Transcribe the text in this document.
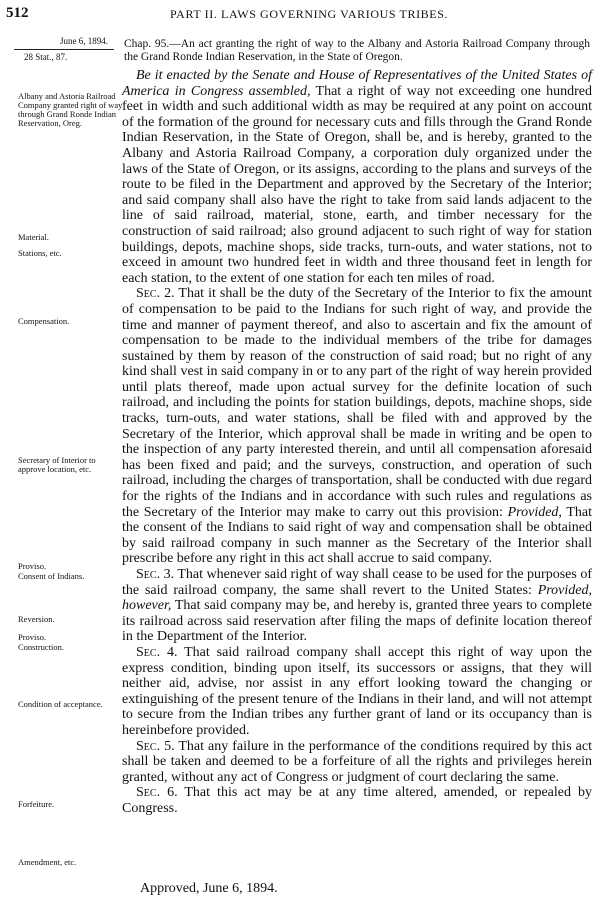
512	PART II. LAWS GOVERNING VARIOUS TRIBES.
June 6, 1894.
28 Stat., 87.
Chap. 95.—An act granting the right of way to the Albany and Astoria Railroad Company through the Grand Ronde Indian Reservation, in the State of Oregon.
Albany and Astoria Railroad Company granted right of way through Grand Ronde Indian Reservation, Oreg.
Material.
Stations, etc.
Compensation.
Secretary of Interior to approve location, etc.
Proviso.
Consent of Indians.
Reversion.
Proviso.
Construction.
Condition of acceptance.
Forfeiture.
Amendment, etc.

Be it enacted by the Senate and House of Representatives of the United States of America in Congress assembled, That a right of way not exceeding one hundred feet in width and such additional width as may be required at any point on account of the formation of the ground for necessary cuts and fills through the Grand Ronde Indian Reservation, in the State of Oregon, shall be, and is hereby, granted to the Albany and Astoria Railroad Company, a corporation duly organized under the laws of the State of Oregon, or its assigns, according to the plans and surveys of the route to be filed in the Department and approved by the Secretary of the Interior; and said company shall also have the right to take from said lands adjacent to the line of said railroad, material, stone, earth, and timber necessary for the construction of said railroad; also ground adjacent to such right of way for station buildings, depots, machine shops, side tracks, turn-outs, and water stations, not to exceed in amount two hundred feet in width and three thousand feet in length for each station, to the extent of one station for each ten miles of road.

Sec. 2. That it shall be the duty of the Secretary of the Interior to fix the amount of compensation to be paid to the Indians for such right of way, and provide the time and manner of payment thereof, and also to ascertain and fix the amount of compensation to be made to the individual members of the tribe for damages sustained by them by reason of the construction of said road; but no right of any kind shall vest in said company in or to any part of the right of way herein provided until plats thereof, made upon actual survey for the definite location of such railroad, and including the points for station buildings, depots, machine shops, side tracks, turn-outs, and water stations, shall be filed with and approved by the Secretary of the Interior, which approval shall be made in writing and be open to the inspection of any party interested therein, and until all compensation aforesaid has been fixed and paid; and the surveys, construction, and operation of such railroad, including the charges of transportation, shall be conducted with due regard for the rights of the Indians and in accordance with such rules and regulations as the Secretary of the Interior may make to carry out this provision: Provided, That the consent of the Indians to said right of way and compensation shall be obtained by said railroad company in such manner as the Secretary of the Interior shall prescribe before any right in this act shall accrue to said company.

Sec. 3. That whenever said right of way shall cease to be used for the purposes of the said railroad company, the same shall revert to the United States: Provided, however, That said company may be, and hereby is, granted three years to complete its railroad across said reservation after filing the maps of definite location thereof in the Department of the Interior.

Sec. 4. That said railroad company shall accept this right of way upon the express condition, binding upon itself, its successors or assigns, that they will neither aid, advise, nor assist in any effort looking toward the changing or extinguishing of the present tenure of the Indians in their land, and will not attempt to secure from the Indian tribes any further grant of land or its occupancy than is hereinbefore provided.

Sec. 5. That any failure in the performance of the conditions required by this act shall be taken and deemed to be a forfeiture of all the rights and privileges herein granted, without any act of Congress or judgment of court declaring the same.

Sec. 6. That this act may be at any time altered, amended, or repealed by Congress.

Approved, June 6, 1894.
